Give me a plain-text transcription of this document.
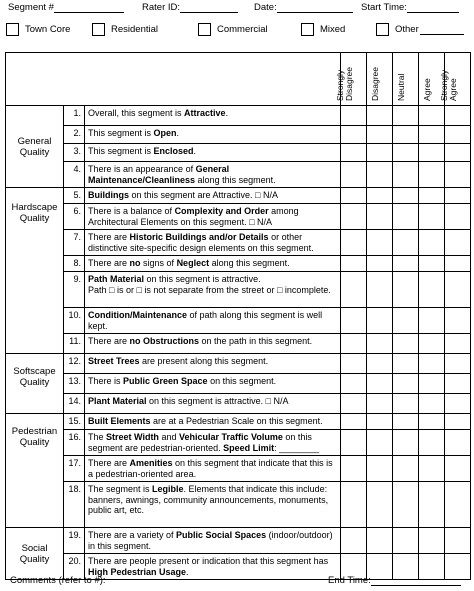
Segment #	Rater ID:	Date:	Start Time:
Town Core	Residential	Commercial	Mixed	Other

			Strongly Disagree	Disagree	Neutral	Agree	Strongly Agree

General
Quality	1.	Overall, this segment is Attractive.					
	2.	This segment is Open.					
	3.	This segment is Enclosed.					
	4.	There is an appearance of General Maintenance/Cleanliness along this segment.					

Hardscape
Quality	5.	Buildings on this segment are Attractive. □ N/A					
	6.	There is a balance of Complexity and Order among Architectural Elements on this segment. □ N/A					
	7.	There are Historic Buildings and/or Details or other distinctive site-specific design elements on this segment.					
	8.	There are no signs of Neglect along this segment.					
	9.	Path Material on this segment is attractive.
Path □ is or □ is not separate from the street or □ incomplete.					
	10.	Condition/Maintenance of path along this segment is well kept.					
	11.	There are no Obstructions on the path in this segment.					

Softscape
Quality	12.	Street Trees are present along this segment.					
	13.	There is Public Green Space on this segment.					
	14.	Plant Material on this segment is attractive. □ N/A					

Pedestrian
Quality	15.	Built Elements are at a Pedestrian Scale on this segment.					
	16.	The Street Width and Vehicular Traffic Volume on this segment are pedestrian-oriented. Speed Limit: ________					
	17.	There are Amenities on this segment that indicate that this is a pedestrian-oriented area.					
	18.	The segment is Legible. Elements that indicate this include: banners, awnings, community announcements, monuments, public art, etc.					

Social
Quality	19.	There are a variety of Public Social Spaces (indoor/outdoor) in this segment.					
	20.	There are people present or indication that this segment has High Pedestrian Usage.					
Comments (refer to #):	End Time:
